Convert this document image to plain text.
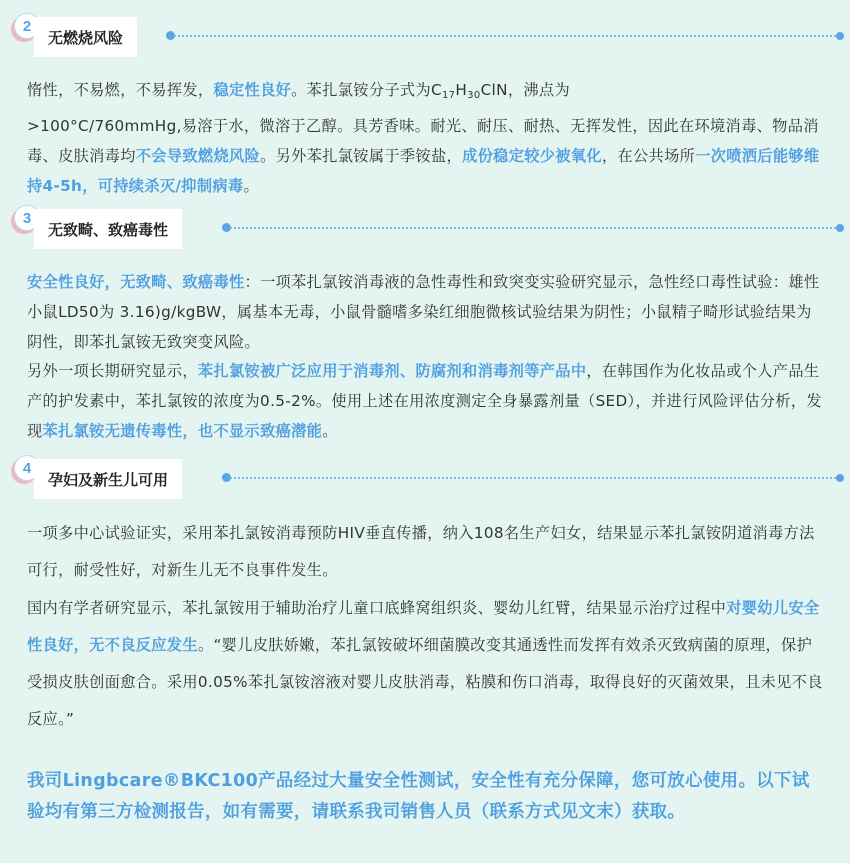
2
无燃烧风险

惰性，不易燃，不易挥发，稳定性良好。苯扎氯铵分子式为$C_{17}H_{30}ClN$，沸点为
>100°C/760mmHg,易溶于水，微溶于乙醇。具芳香味。耐光、耐压、耐热、无挥发性，因此在环境消毒、物品消毒、皮肤消毒均不会导致燃烧风险。另外苯扎氯铵属于季铵盐，成份稳定较少被氧化，在公共场所一次喷洒后能够维持4-5h，可持续杀灭/抑制病毒。

3
无致畸、致癌毒性

安全性良好，无致畸、致癌毒性：一项苯扎氯铵消毒液的急性毒性和致突变实验研究显示，急性经口毒性试验：雄性小鼠LD50为 3.16)g/kgBW，属基本无毒，小鼠骨髓嗜多染红细胞微核试验结果为阴性；小鼠精子畸形试验结果为阴性，即苯扎氯铵无致突变风险。

另外一项长期研究显示，苯扎氯铵被广泛应用于消毒剂、防腐剂和消毒剂等产品中，在韩国作为化妆品或个人产品生产的护发素中，苯扎氯铵的浓度为0.5-2%。使用上述在用浓度测定全身暴露剂量（SED），并进行风险评估分析，发现苯扎氯铵无遗传毒性，也不显示致癌潜能。

4
孕妇及新生儿可用

一项多中心试验证实，采用苯扎氯铵消毒预防HIV垂直传播，纳入108名生产妇女，结果显示苯扎氯铵阴道消毒方法可行，耐受性好，对新生儿无不良事件发生。

国内有学者研究显示，苯扎氯铵用于辅助治疗儿童口底蜂窝组织炎、婴幼儿红臂，结果显示治疗过程中对婴幼儿安全性良好，无不良反应发生。“婴儿皮肤娇嫩，苯扎氯铵破坏细菌膜改变其通透性而发挥有效杀灭致病菌的原理，保护受损皮肤创面愈合。采用0.05%苯扎氯铵溶液对婴儿皮肤消毒，粘膜和伤口消毒，取得良好的灭菌效果，且未见不良反应。”

我司Lingbcare®BKC100产品经过大量安全性测试，安全性有充分保障，您可放心使用。以下试验均有第三方检测报告，如有需要，请联系我司销售人员（联系方式见文末）获取。
